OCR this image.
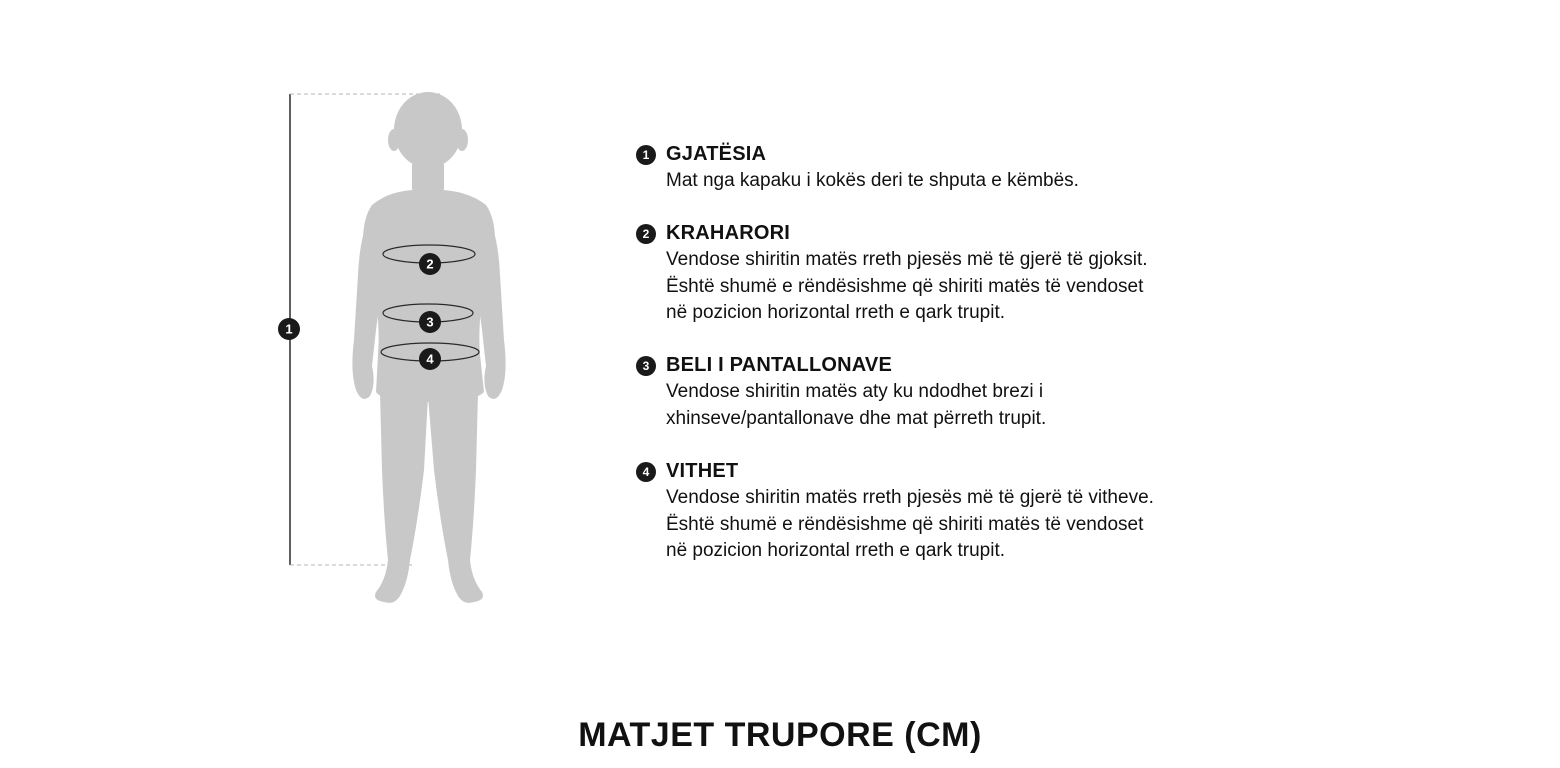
1
2
3
4
1 GJATËSIA

Mat nga kapaku i kokës deri te shputa e këmbës.

2 KRAHARORI

Vendose shiritin matës rreth pjesës më të gjerë të gjoksit.
Është shumë e rëndësishme që shiriti matës të vendoset
në pozicion horizontal rreth e qark trupit.

3 BELI I PANTALLONAVE

Vendose shiritin matës aty ku ndodhet brezi i
xhinseve/pantallonave dhe mat përreth trupit.

4 VITHET

Vendose shiritin matës rreth pjesës më të gjerë të vitheve.
Është shumë e rëndësishme që shiriti matës të vendoset
në pozicion horizontal rreth e qark trupit.

MATJET TRUPORE (CM)
